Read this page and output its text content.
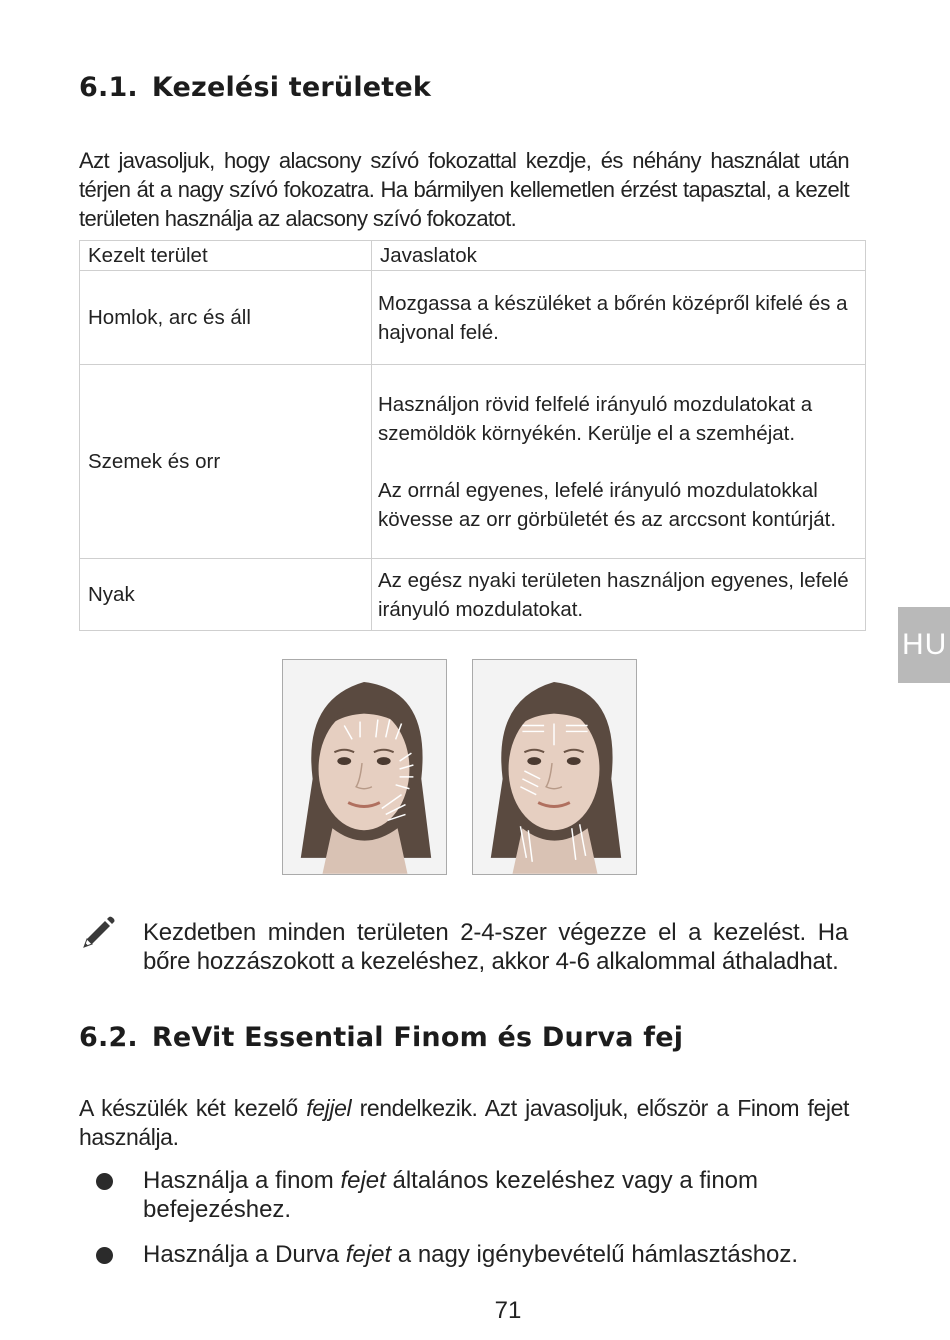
6.1. Kezelési területek

Azt javasoljuk, hogy alacsony szívó fokozattal kezdje, és néhány használat után térjen át a nagy szívó fokozatra. Ha bármilyen kellemetlen érzést tapasztal, a kezelt területen használja az alacsony szívó fokozatot.

Kezelt terület	Javaslatok
Homlok, arc és áll	Mozgassa a készüléket a bőrén középről kifelé és a hajvonal felé.

Szemek és orr	Használjon rövid felfelé irányuló mozdulatokat a szemöldök környékén. Kerülje el a szemhéjat.
Az orrnál egyenes, lefelé irányuló mozdulatokkal kövesse az orr görbületét és az arccsont kontúrját.

Nyak	Az egész nyaki területen használjon egyenes, lefelé irányuló mozdulatokat.
HU

Kezdetben minden területen 2-4-szer végezze el a kezelést. Ha bőre hozzászokott a kezeléshez, akkor 4-6 alkalommal áthaladhat.

6.2. ReVit Essential Finom és Durva fej

A készülék két kezelő fejjel rendelkezik. Azt javasoljuk, először a Finom fejet használja.

Használja a finom fejet általános kezeléshez vagy a finom befejezéshez.
Használja a Durva fejet a nagy igénybevételű hámlasztáshoz.
71
